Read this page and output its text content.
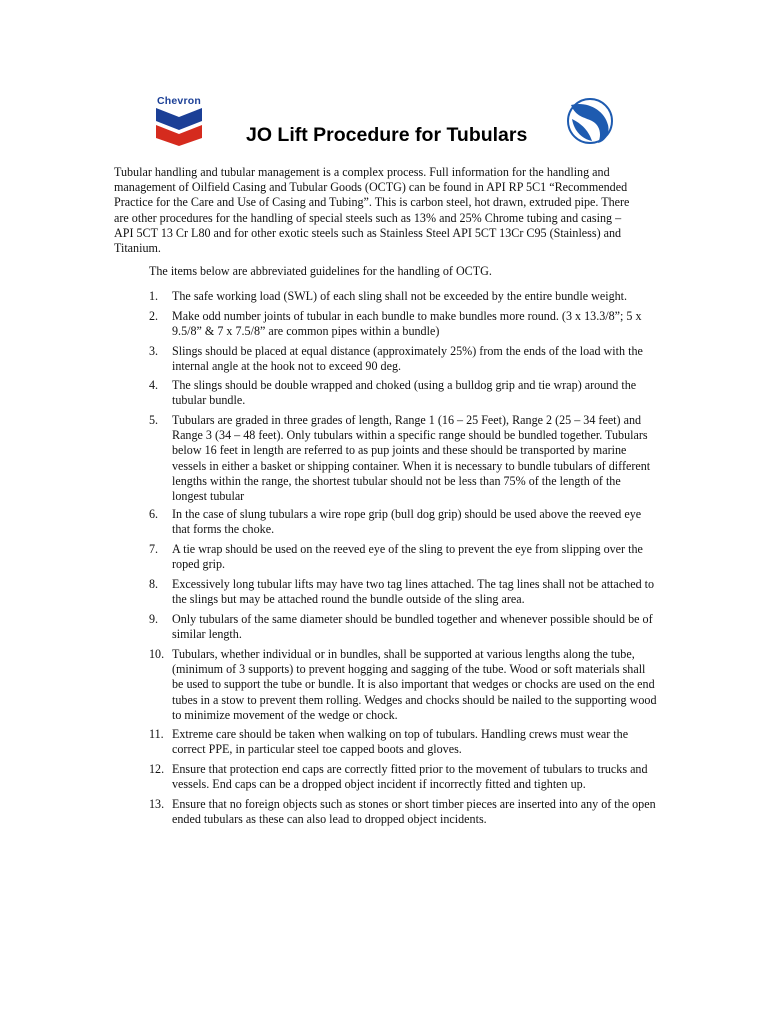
Chevron
JO Lift Procedure for Tubulars

Tubular handling and tubular management is a complex process. Full information for the handling and management of Oilfield Casing and Tubular Goods (OCTG) can be found in API RP 5C1 “Recommended Practice for the Care and Use of Casing and Tubing”. This is carbon steel, hot drawn, extruded pipe. There are other procedures for the handling of special steels such as 13% and 25% Chrome tubing and casing – API 5CT 13 Cr L80 and for other exotic steels such as Stainless Steel API 5CT 13Cr C95 (Stainless) and Titanium.

The items below are abbreviated guidelines for the handling of OCTG.

1.	The safe working load (SWL) of each sling shall not be exceeded by the entire bundle weight.
2.	Make odd number joints of tubular in each bundle to make bundles more round. (3 x 13.3/8”; 5 x 9.5/8” & 7 x 7.5/8” are common pipes within a bundle)
3.	Slings should be placed at equal distance (approximately 25%) from the ends of the load with the internal angle at the hook not to exceed 90 deg.
4.	The slings should be double wrapped and choked (using a bulldog grip and tie wrap) around the tubular bundle.
5.	Tubulars are graded in three grades of length, Range 1 (16 – 25 Feet), Range 2 (25 – 34 feet) and Range 3 (34 – 48 feet). Only tubulars within a specific range should be bundled together. Tubulars below 16 feet in length are referred to as pup joints and these should be transported by marine vessels in either a basket or shipping container. When it is necessary to bundle tubulars of different lengths within the range, the shortest tubular should not be less than 75% of the length of the longest tubular
6.	In the case of slung tubulars a wire rope grip (bull dog grip) should be used above the reeved eye that forms the choke.
7.	A tie wrap should be used on the reeved eye of the sling to prevent the eye from slipping over the roped grip.
8.	Excessively long tubular lifts may have two tag lines attached. The tag lines shall not be attached to the slings but may be attached round the bundle outside of the sling area.
9.	Only tubulars of the same diameter should be bundled together and whenever possible should be of similar length.
10. Tubulars, whether individual or in bundles, shall be supported at various lengths along the tube, (minimum of 3 supports) to prevent hogging and sagging of the tube. Wood or soft materials shall be used to support the tube or bundle. It is also important that wedges or chocks are used on the end tubes in a stow to prevent them rolling. Wedges and chocks should be nailed to the supporting wood to minimize movement of the wedge or chock.
11. Extreme care should be taken when walking on top of tubulars. Handling crews must wear the correct PPE, in particular steel toe capped boots and gloves.
12. Ensure that protection end caps are correctly fitted prior to the movement of tubulars to trucks and vessels. End caps can be a dropped object incident if incorrectly fitted and tighten up.
13. Ensure that no foreign objects such as stones or short timber pieces are inserted into any of the open ended tubulars as these can also lead to dropped object incidents.
